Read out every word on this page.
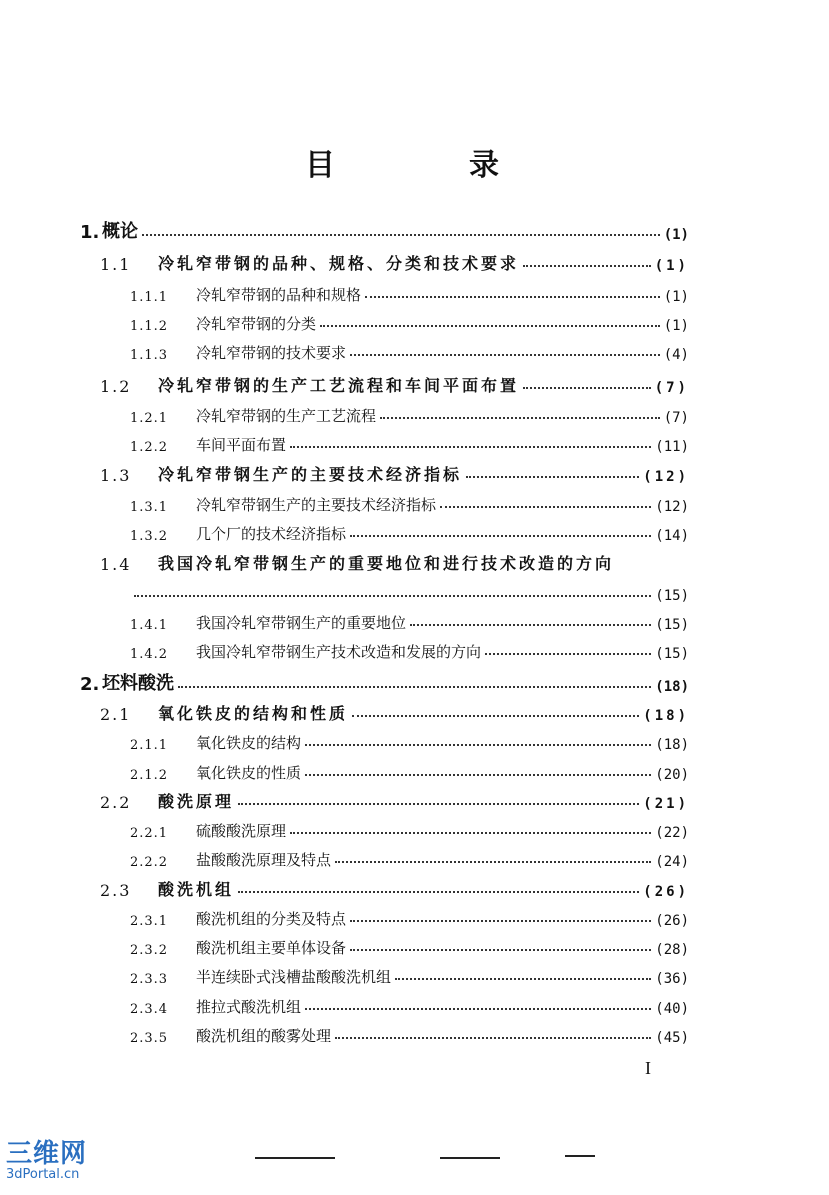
目　录
1. 概论	(1)
1.1	冷轧窄带钢的品种、规格、分类和技术要求	(1)
1.1.1	冷轧窄带钢的品种和规格	(1)
1.1.2	冷轧窄带钢的分类	(1)
1.1.3	冷轧窄带钢的技术要求	(4)
1.2	冷轧窄带钢的生产工艺流程和车间平面布置	(7)
1.2.1	冷轧窄带钢的生产工艺流程	(7)
1.2.2	车间平面布置	(11)
1.3	冷轧窄带钢生产的主要技术经济指标	(12)
1.3.1	冷轧窄带钢生产的主要技术经济指标	(12)
1.3.2	几个厂的技术经济指标	(14)
1.4	我国冷轧窄带钢生产的重要地位和进行技术改造的方向
(15)
1.4.1	我国冷轧窄带钢生产的重要地位	(15)
1.4.2	我国冷轧窄带钢生产技术改造和发展的方向	(15)
2. 坯料酸洗	(18)
2.1	氧化铁皮的结构和性质	(18)
2.1.1	氧化铁皮的结构	(18)
2.1.2	氧化铁皮的性质	(20)
2.2	酸洗原理	(21)
2.2.1	硫酸酸洗原理	(22)
2.2.2	盐酸酸洗原理及特点	(24)
2.3	酸洗机组	(26)
2.3.1	酸洗机组的分类及特点	(26)
2.3.2	酸洗机组主要单体设备	(28)
2.3.3	半连续卧式浅槽盐酸酸洗机组	(36)
2.3.4	推拉式酸洗机组	(40)
2.3.5	酸洗机组的酸雾处理	(45)
I
三维网
3dPortal.cn
